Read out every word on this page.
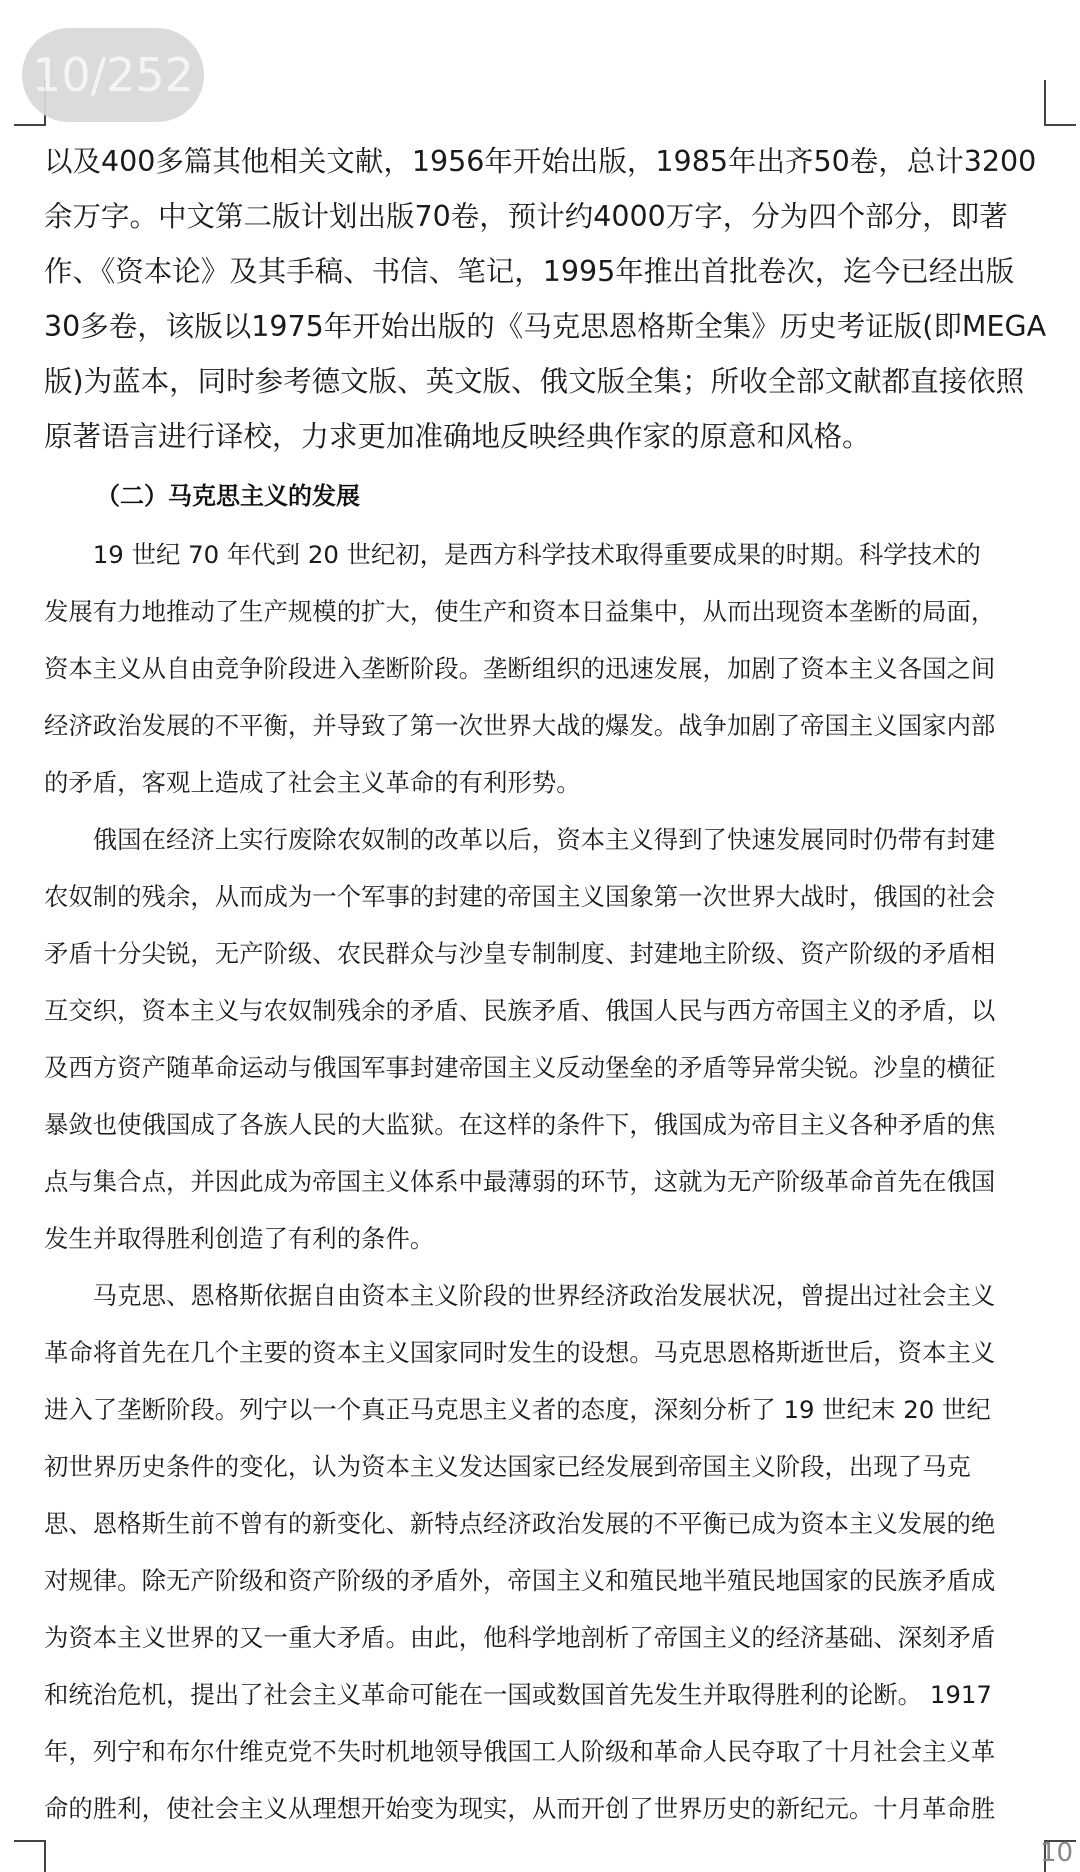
以及400多篇其他相关文献，1956年开始出版，1985年出齐50卷，总计3200

余万字。中文第二版计划出版70卷，预计约4000万字，分为四个部分，即著

作、《资本论》及其手稿、书信、笔记，1995年推出首批卷次，迄今已经出版

30多卷，该版以1975年开始出版的《马克思恩格斯全集》历史考证版(即MEGA

版)为蓝本，同时参考德文版、英文版、俄文版全集；所收全部文献都直接依照

原著语言进行译校，力求更加准确地反映经典作家的原意和风格。

（二）马克思主义的发展
　　19 世纪 70 年代到 20 世纪初，是西方科学技术取得重要成果的时期。科学技术的
发展有力地推动了生产规模的扩大，使生产和资本日益集中，从而出现资本垄断的局面，
资本主义从自由竞争阶段进入垄断阶段。垄断组织的迅速发展，加剧了资本主义各国之间
经济政治发展的不平衡，并导致了第一次世界大战的爆发。战争加剧了帝国主义国家内部
的矛盾，客观上造成了社会主义革命的有利形势。
　　俄国在经济上实行废除农奴制的改革以后，资本主义得到了快速发展同时仍带有封建
农奴制的残余，从而成为一个军事的封建的帝国主义国象第一次世界大战时，俄国的社会
矛盾十分尖锐，无产阶级、农民群众与沙皇专制制度、封建地主阶级、资产阶级的矛盾相
互交织，资本主义与农奴制残余的矛盾、民族矛盾、俄国人民与西方帝国主义的矛盾，以
及西方资产随革命运动与俄国军事封建帝国主义反动堡垒的矛盾等异常尖锐。沙皇的横征
暴敛也使俄国成了各族人民的大监狱。在这样的条件下，俄国成为帝目主义各种矛盾的焦
点与集合点，并因此成为帝国主义体系中最薄弱的环节，这就为无产阶级革命首先在俄国
发生并取得胜利创造了有利的条件。
　　马克思、恩格斯依据自由资本主义阶段的世界经济政治发展状况，曾提出过社会主义
革命将首先在几个主要的资本主义国家同时发生的设想。马克思恩格斯逝世后，资本主义
进入了垄断阶段。列宁以一个真正马克思主义者的态度，深刻分析了 19 世纪末 20 世纪
初世界历史条件的变化，认为资本主义发达国家已经发展到帝国主义阶段，出现了马克
思、恩格斯生前不曾有的新变化、新特点经济政治发展的不平衡已成为资本主义发展的绝
对规律。除无产阶级和资产阶级的矛盾外，帝国主义和殖民地半殖民地国家的民族矛盾成
为资本主义世界的又一重大矛盾。由此，他科学地剖析了帝国主义的经济基础、深刻矛盾
和统治危机，提出了社会主义革命可能在一国或数国首先发生并取得胜利的论断。 1917
年，列宁和布尔什维克党不失时机地领导俄国工人阶级和革命人民夺取了十月社会主义革
命的胜利，使社会主义从理想开始变为现实，从而开创了世界历史的新纪元。十月革命胜
10/252
10
